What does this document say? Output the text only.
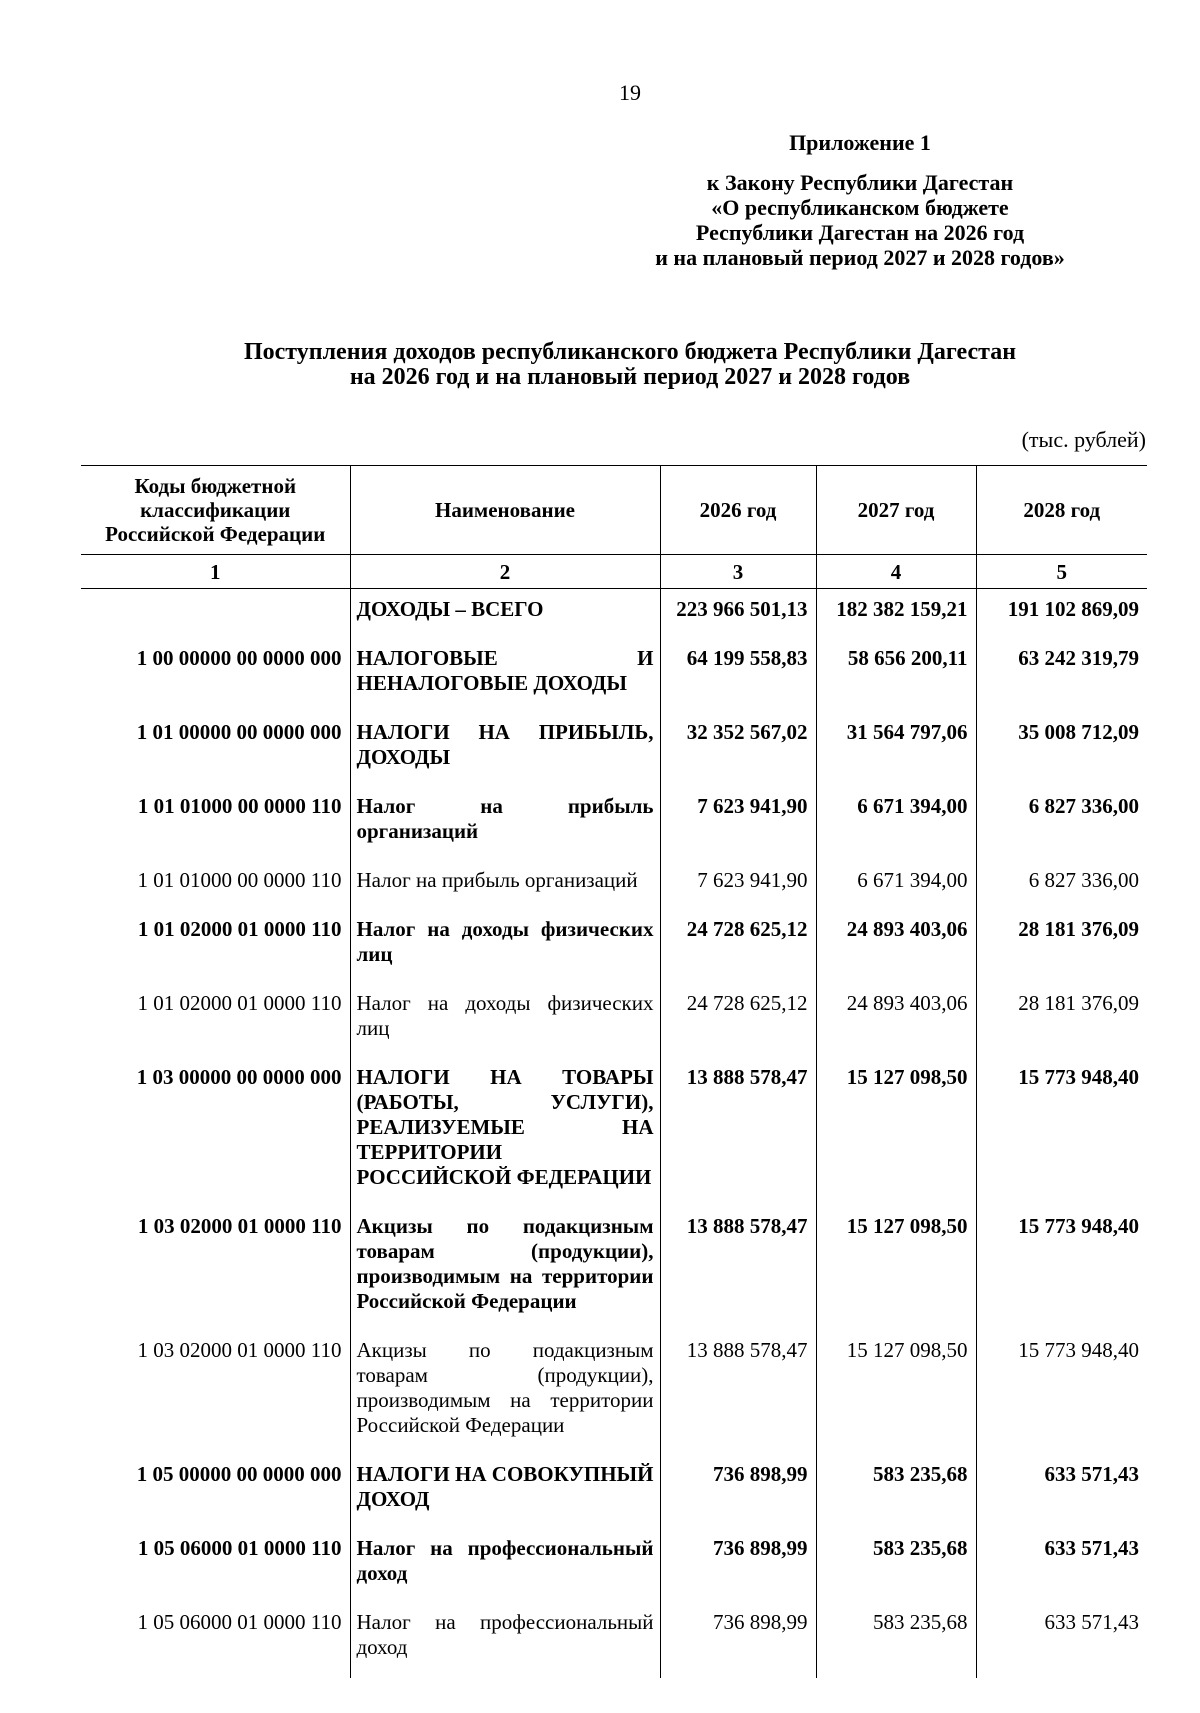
19
Приложение 1
к Закону Республики Дагестан
«О республиканском бюджете
Республики Дагестан на 2026 год
и на плановый период 2027 и 2028 годов»
Поступления доходов республиканского бюджета Республики Дагестан
на 2026 год и на плановый период 2027 и 2028 годов
(тыс. рублей)
Коды бюджетной классификации Российской Федерации	Наименование	2026 год	2027 год	2028 год
1	2	3	4	5
	ДОХОДЫ – ВСЕГО	223 966 501,13	182 382 159,21	191 102 869,09
1 00 00000 00 0000 000	НАЛОГОВЫЕ И НЕНАЛОГОВЫЕ ДОХОДЫ	64 199 558,83	58 656 200,11	63 242 319,79
1 01 00000 00 0000 000	НАЛОГИ НА ПРИБЫЛЬ, ДОХОДЫ	32 352 567,02	31 564 797,06	35 008 712,09
1 01 01000 00 0000 110	Налог на прибыль организаций	7 623 941,90	6 671 394,00	6 827 336,00
1 01 01000 00 0000 110	Налог на прибыль организаций	7 623 941,90	6 671 394,00	6 827 336,00
1 01 02000 01 0000 110	Налог на доходы физических лиц	24 728 625,12	24 893 403,06	28 181 376,09
1 01 02000 01 0000 110	Налог на доходы физических лиц	24 728 625,12	24 893 403,06	28 181 376,09
1 03 00000 00 0000 000	НАЛОГИ НА ТОВАРЫ (РАБОТЫ, УСЛУГИ), РЕАЛИЗУЕМЫЕ НА ТЕРРИТОРИИ РОССИЙСКОЙ ФЕДЕРАЦИИ	13 888 578,47	15 127 098,50	15 773 948,40
1 03 02000 01 0000 110	Акцизы по подакцизным товарам (продукции), производимым на территории Российской Федерации	13 888 578,47	15 127 098,50	15 773 948,40
1 03 02000 01 0000 110	Акцизы по подакцизным товарам (продукции), производимым на территории Российской Федерации	13 888 578,47	15 127 098,50	15 773 948,40
1 05 00000 00 0000 000	НАЛОГИ НА СОВОКУПНЫЙ ДОХОД	736 898,99	583 235,68	633 571,43
1 05 06000 01 0000 110	Налог на профессиональный доход	736 898,99	583 235,68	633 571,43
1 05 06000 01 0000 110	Налог на профессиональный доход	736 898,99	583 235,68	633 571,43
